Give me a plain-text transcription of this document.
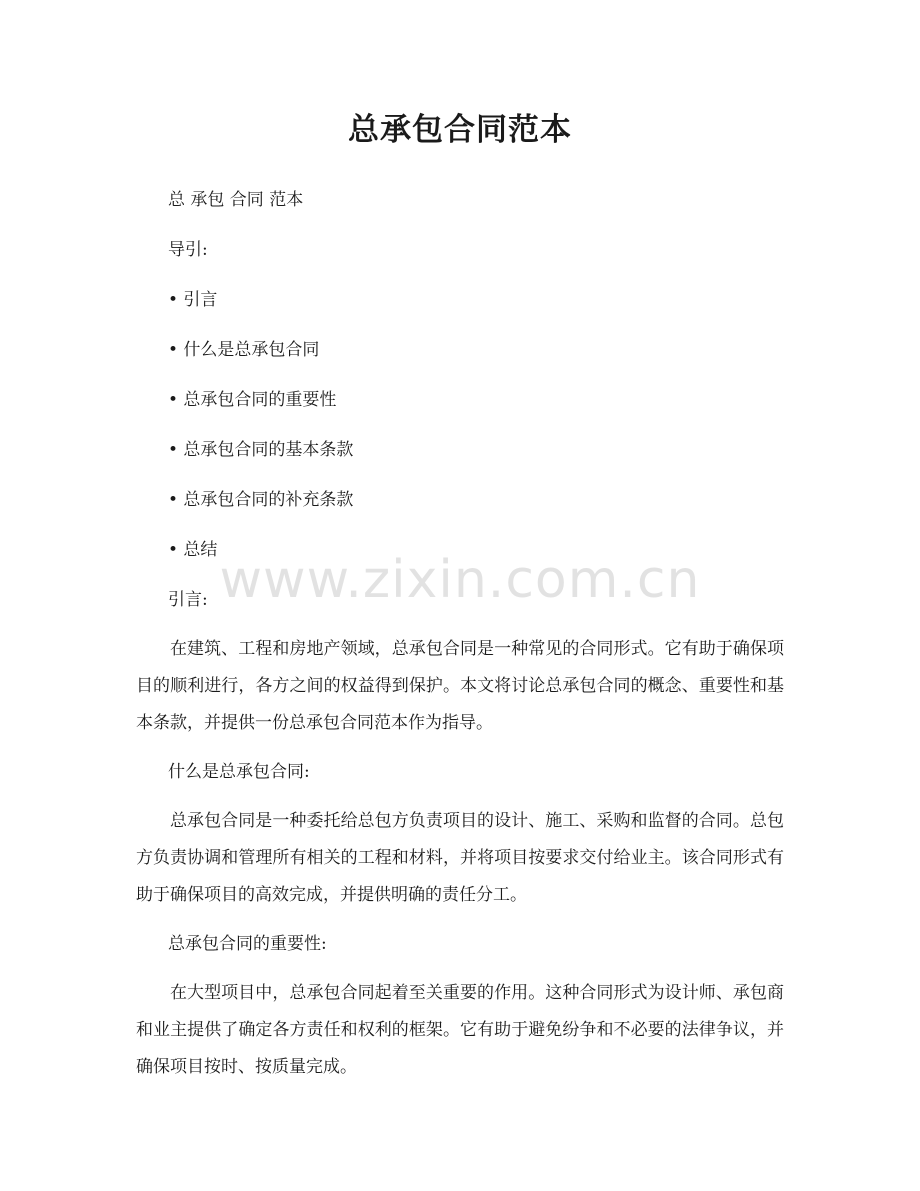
总承包合同范本

总 承包 合同 范本

导引:

• 引言

• 什么是总承包合同

• 总承包合同的重要性

• 总承包合同的基本条款

• 总承包合同的补充条款

• 总结

引言:

在建筑、工程和房地产领域，总承包合同是一种常见的合同形式。它有助于确保项目的顺利进行，各方之间的权益得到保护。本文将讨论总承包合同的概念、重要性和基本条款，并提供一份总承包合同范本作为指导。

什么是总承包合同:

总承包合同是一种委托给总包方负责项目的设计、施工、采购和监督的合同。总包方负责协调和管理所有相关的工程和材料，并将项目按要求交付给业主。该合同形式有助于确保项目的高效完成，并提供明确的责任分工。

总承包合同的重要性:

在大型项目中，总承包合同起着至关重要的作用。这种合同形式为设计师、承包商和业主提供了确定各方责任和权利的框架。它有助于避免纷争和不必要的法律争议，并确保项目按时、按质量完成。

www.zixin.com.cn
